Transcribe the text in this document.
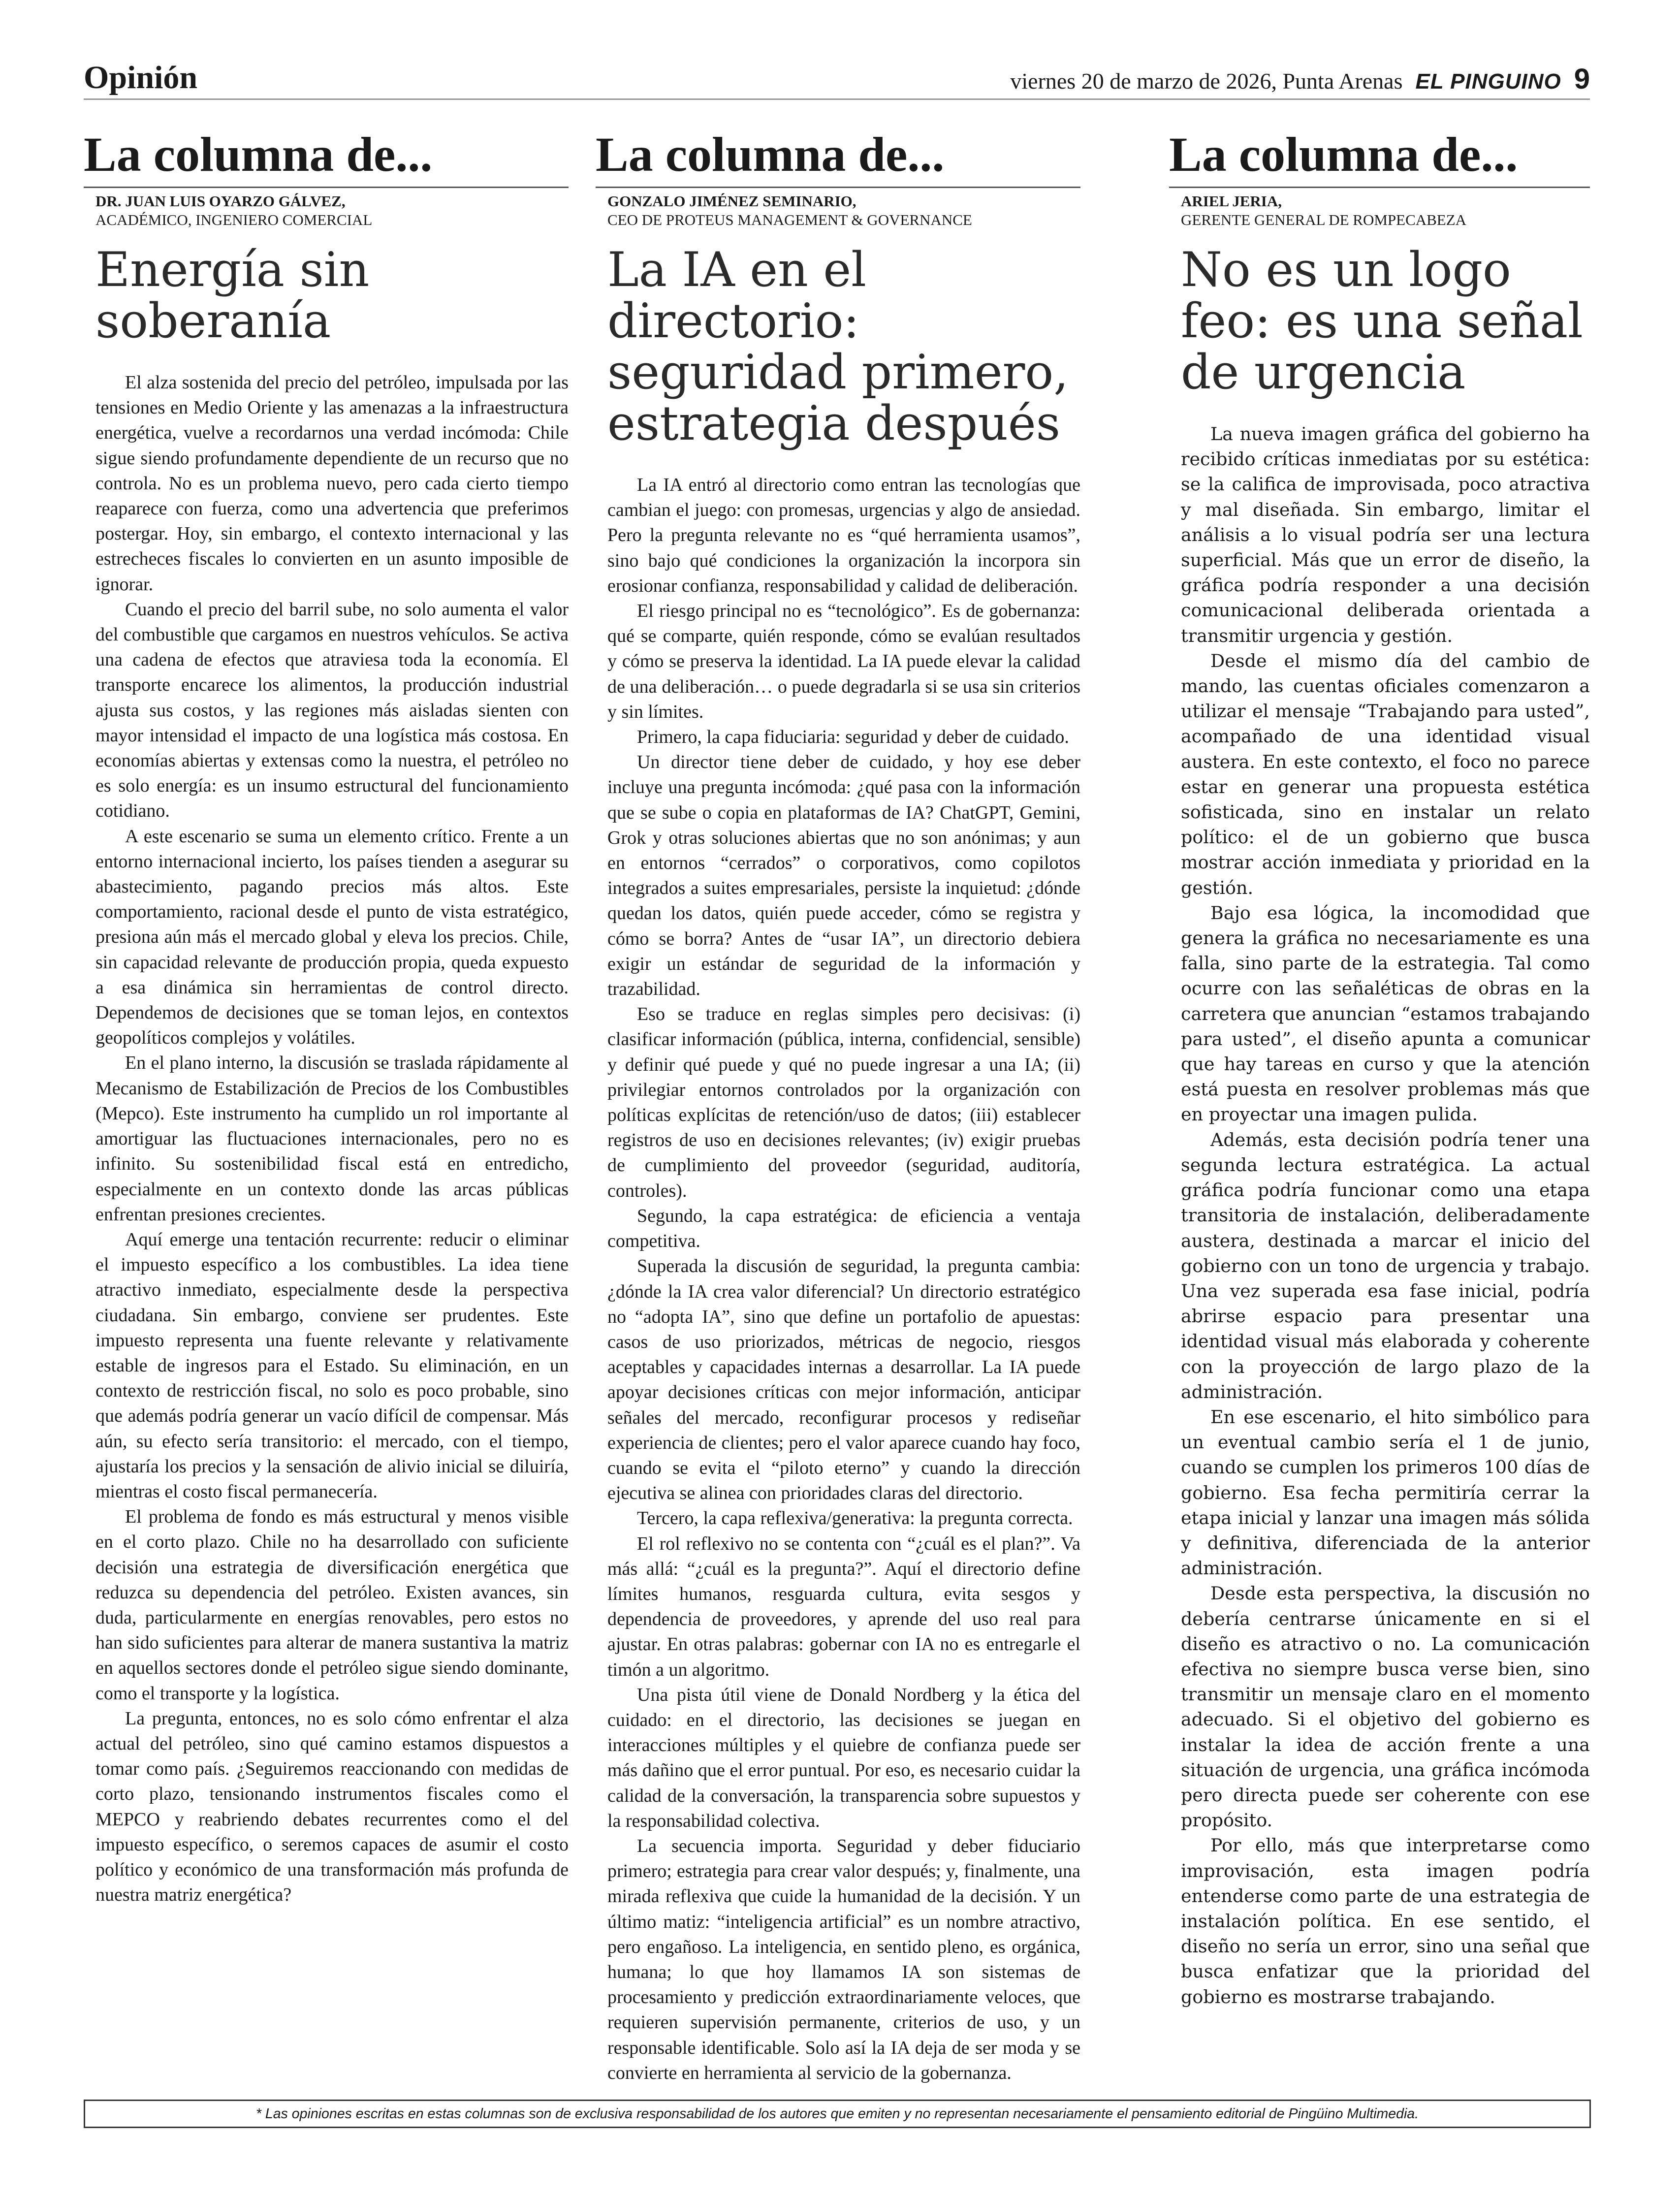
Opinión	viernes 20 de marzo de 2026, Punta Arenas EL PINGUINO 9
La columna de...
DR. JUAN LUIS OYARZO GÁLVEZ,
ACADÉMICO, INGENIERO COMERCIAL
Energía sin soberanía

El alza sostenida del precio del petróleo, impulsada por las tensiones en Medio Oriente y las amenazas a la infraestructura energética, vuelve a recordarnos una verdad incómoda: Chile sigue siendo profundamente dependiente de un recurso que no controla. No es un problema nuevo, pero cada cierto tiempo reaparece con fuerza, como una advertencia que preferimos postergar. Hoy, sin embargo, el contexto internacional y las estrecheces fiscales lo convierten en un asunto imposible de ignorar.

Cuando el precio del barril sube, no solo aumenta el valor del combustible que cargamos en nuestros vehículos. Se activa una cadena de efectos que atraviesa toda la economía. El transporte encarece los alimentos, la producción industrial ajusta sus costos, y las regiones más aisladas sienten con mayor intensidad el impacto de una logística más costosa. En economías abiertas y extensas como la nuestra, el petróleo no es solo energía: es un insumo estructural del funcionamiento cotidiano.

A este escenario se suma un elemento crítico. Frente a un entorno internacional incierto, los países tienden a asegurar su abastecimiento, pagando precios más altos. Este comportamiento, racional desde el punto de vista estratégico, presiona aún más el mercado global y eleva los precios. Chile, sin capacidad relevante de producción propia, queda expuesto a esa dinámica sin herramientas de control directo. Dependemos de decisiones que se toman lejos, en contextos geopolíticos complejos y volátiles.

En el plano interno, la discusión se traslada rápidamente al Mecanismo de Estabilización de Precios de los Combustibles (Mepco). Este instrumento ha cumplido un rol importante al amortiguar las fluctuaciones internacionales, pero no es infinito. Su sostenibilidad fiscal está en entredicho, especialmente en un contexto donde las arcas públicas enfrentan presiones crecientes.

Aquí emerge una tentación recurrente: reducir o eliminar el impuesto específico a los combustibles. La idea tiene atractivo inmediato, especialmente desde la perspectiva ciudadana. Sin embargo, conviene ser prudentes. Este impuesto representa una fuente relevante y relativamente estable de ingresos para el Estado. Su eliminación, en un contexto de restricción fiscal, no solo es poco probable, sino que además podría generar un vacío difícil de compensar. Más aún, su efecto sería transitorio: el mercado, con el tiempo, ajustaría los precios y la sensación de alivio inicial se diluiría, mientras el costo fiscal permanecería.

El problema de fondo es más estructural y menos visible en el corto plazo. Chile no ha desarrollado con suficiente decisión una estrategia de diversificación energética que reduzca su dependencia del petróleo. Existen avances, sin duda, particularmente en energías renovables, pero estos no han sido suficientes para alterar de manera sustantiva la matriz en aquellos sectores donde el petróleo sigue siendo dominante, como el transporte y la logística.

La pregunta, entonces, no es solo cómo enfrentar el alza actual del petróleo, sino qué camino estamos dispuestos a tomar como país. ¿Seguiremos reaccionando con medidas de corto plazo, tensionando instrumentos fiscales como el MEPCO y reabriendo debates recurrentes como el del impuesto específico, o seremos capaces de asumir el costo político y económico de una transformación más profunda de nuestra matriz energética?

La columna de...
GONZALO JIMÉNEZ SEMINARIO,
CEO DE PROTEUS MANAGEMENT & GOVERNANCE
La IA en el directorio: seguridad primero, estrategia después

La IA entró al directorio como entran las tecnologías que cambian el juego: con promesas, urgencias y algo de ansiedad. Pero la pregunta relevante no es “qué herramienta usamos”, sino bajo qué condiciones la organización la incorpora sin erosionar confianza, responsabilidad y calidad de deliberación.

El riesgo principal no es “tecnológico”. Es de gobernanza: qué se comparte, quién responde, cómo se evalúan resultados y cómo se preserva la identidad. La IA puede elevar la calidad de una deliberación… o puede degradarla si se usa sin criterios y sin límites.

Primero, la capa fiduciaria: seguridad y deber de cuidado.

Un director tiene deber de cuidado, y hoy ese deber incluye una pregunta incómoda: ¿qué pasa con la información que se sube o copia en plataformas de IA? ChatGPT, Gemini, Grok y otras soluciones abiertas que no son anónimas; y aun en entornos “cerrados” o corporativos, como copilotos integrados a suites empresariales, persiste la inquietud: ¿dónde quedan los datos, quién puede acceder, cómo se registra y cómo se borra? Antes de “usar IA”, un directorio debiera exigir un estándar de seguridad de la información y trazabilidad.

Eso se traduce en reglas simples pero decisivas: (i) clasificar información (pública, interna, confidencial, sensible) y definir qué puede y qué no puede ingresar a una IA; (ii) privilegiar entornos controlados por la organización con políticas explícitas de retención/uso de datos; (iii) establecer registros de uso en decisiones relevantes; (iv) exigir pruebas de cumplimiento del proveedor (seguridad, auditoría, controles).

Segundo, la capa estratégica: de eficiencia a ventaja competitiva.

Superada la discusión de seguridad, la pregunta cambia: ¿dónde la IA crea valor diferencial? Un directorio estratégico no “adopta IA”, sino que define un portafolio de apuestas: casos de uso priorizados, métricas de negocio, riesgos aceptables y capacidades internas a desarrollar. La IA puede apoyar decisiones críticas con mejor información, anticipar señales del mercado, reconfigurar procesos y rediseñar experiencia de clientes; pero el valor aparece cuando hay foco, cuando se evita el “piloto eterno” y cuando la dirección ejecutiva se alinea con prioridades claras del directorio.

Tercero, la capa reflexiva/generativa: la pregunta correcta.

El rol reflexivo no se contenta con “¿cuál es el plan?”. Va más allá: “¿cuál es la pregunta?”. Aquí el directorio define límites humanos, resguarda cultura, evita sesgos y dependencia de proveedores, y aprende del uso real para ajustar. En otras palabras: gobernar con IA no es entregarle el timón a un algoritmo.

Una pista útil viene de Donald Nordberg y la ética del cuidado: en el directorio, las decisiones se juegan en interacciones múltiples y el quiebre de confianza puede ser más dañino que el error puntual. Por eso, es necesario cuidar la calidad de la conversación, la transparencia sobre supuestos y la responsabilidad colectiva.

La secuencia importa. Seguridad y deber fiduciario primero; estrategia para crear valor después; y, finalmente, una mirada reflexiva que cuide la humanidad de la decisión. Y un último matiz: “inteligencia artificial” es un nombre atractivo, pero engañoso. La inteligencia, en sentido pleno, es orgánica, humana; lo que hoy llamamos IA son sistemas de procesamiento y predicción extraordinariamente veloces, que requieren supervisión permanente, criterios de uso, y un responsable identificable. Solo así la IA deja de ser moda y se convierte en herramienta al servicio de la gobernanza.

La columna de...
ARIEL JERIA,
GERENTE GENERAL DE ROMPECABEZA
No es un logo feo: es una señal de urgencia

La nueva imagen gráfica del gobierno ha recibido críticas inmediatas por su estética: se la califica de improvisada, poco atractiva y mal diseñada. Sin embargo, limitar el análisis a lo visual podría ser una lectura superficial. Más que un error de diseño, la gráfica podría responder a una decisión comunicacional deliberada orientada a transmitir urgencia y gestión.

Desde el mismo día del cambio de mando, las cuentas oficiales comenzaron a utilizar el mensaje “Trabajando para usted”, acompañado de una identidad visual austera. En este contexto, el foco no parece estar en generar una propuesta estética sofisticada, sino en instalar un relato político: el de un gobierno que busca mostrar acción inmediata y prioridad en la gestión.

Bajo esa lógica, la incomodidad que genera la gráfica no necesariamente es una falla, sino parte de la estrategia. Tal como ocurre con las señaléticas de obras en la carretera que anuncian “estamos trabajando para usted”, el diseño apunta a comunicar que hay tareas en curso y que la atención está puesta en resolver problemas más que en proyectar una imagen pulida.

Además, esta decisión podría tener una segunda lectura estratégica. La actual gráfica podría funcionar como una etapa transitoria de instalación, deliberadamente austera, destinada a marcar el inicio del gobierno con un tono de urgencia y trabajo. Una vez superada esa fase inicial, podría abrirse espacio para presentar una identidad visual más elaborada y coherente con la proyección de largo plazo de la administración.

En ese escenario, el hito simbólico para un eventual cambio sería el 1 de junio, cuando se cumplen los primeros 100 días de gobierno. Esa fecha permitiría cerrar la etapa inicial y lanzar una imagen más sólida y definitiva, diferenciada de la anterior administración.

Desde esta perspectiva, la discusión no debería centrarse únicamente en si el diseño es atractivo o no. La comunicación efectiva no siempre busca verse bien, sino transmitir un mensaje claro en el momento adecuado. Si el objetivo del gobierno es instalar la idea de acción frente a una situación de urgencia, una gráfica incómoda pero directa puede ser coherente con ese propósito.

Por ello, más que interpretarse como improvisación, esta imagen podría entenderse como parte de una estrategia de instalación política. En ese sentido, el diseño no sería un error, sino una señal que busca enfatizar que la prioridad del gobierno es mostrarse trabajando.

* Las opiniones escritas en estas columnas son de exclusiva responsabilidad de los autores que emiten y no representan necesariamente el pensamiento editorial de Pingüino Multimedia.
